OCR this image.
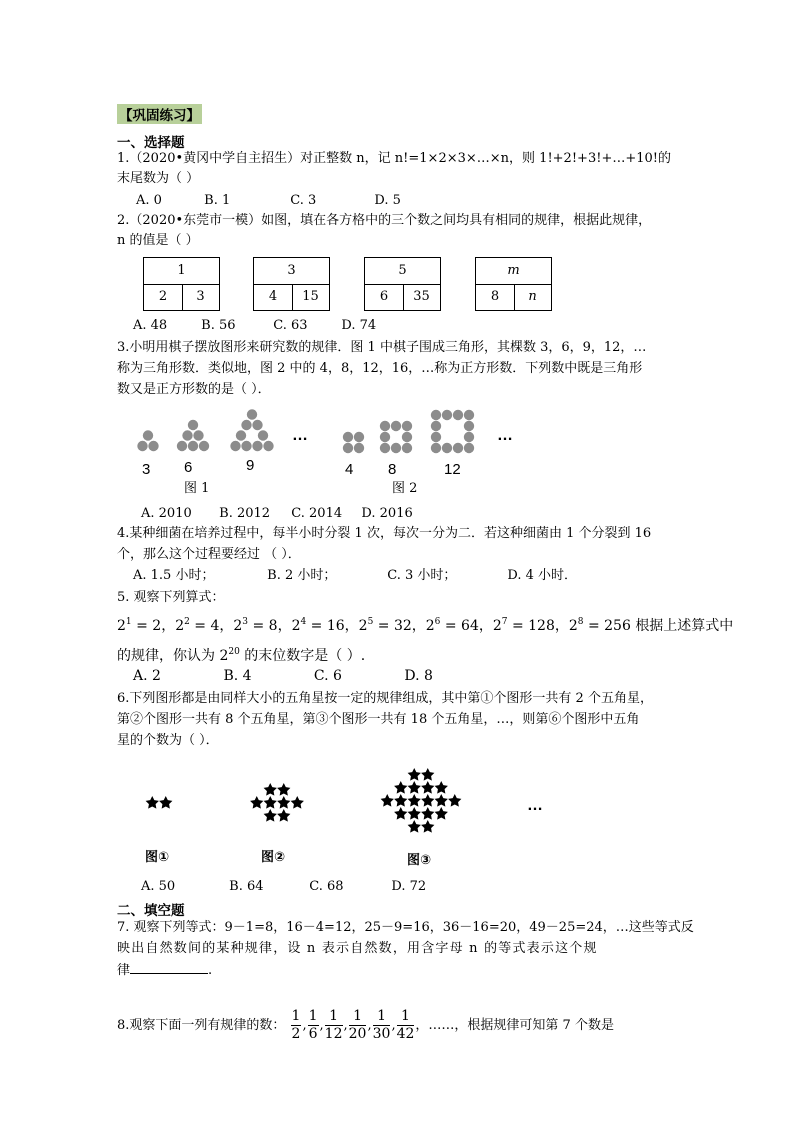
【巩固练习】
一、选择题
1.（2020•黄冈中学自主招生）对正整数 n，记 n!=1×2×3×…×n，则 1!+2!+3!+…+10!的
末尾数为（ ）
A. 0	B. 1	C. 3	D. 5
2.（2020•东莞市一模）如图，填在各方格中的三个数之间均具有相同的规律，根据此规律，
n 的值是（ ）
1
2	3
3
4	15
5
6	35
m
8	n
A. 48	B. 56	C. 63	D. 74
3.小明用棋子摆放图形来研究数的规律．图 1 中棋子围成三角形，其棵数 3，6，9，12，…
称为三角形数．类似地，图 2 中的 4，8，12，16，…称为正方形数．下列数中既是三角形
数又是正方形数的是（ ）．
3 6	9
…
4 8	12
…
图 1	图 2
A. 2010 B. 2012 C. 2014 D. 2016
4.某种细菌在培养过程中，每半小时分裂 1 次，每次一分为二．若这种细菌由 1 个分裂到 16
个，那么这个过程要经过 （ ）．
A. 1.5 小时；	B. 2 小时；	C. 3 小时；	D. 4 小时．
5. 观察下列算式：
$2^1 = 2$，$2^2 = 4$，$2^3 = 8$，$2^4 = 16$，$2^5 = 32$，$2^6 = 64$，$2^7 = 128$，$2^8 = 256$ 根据上述算式中
的规律，你认为 $2^{20}$ 的末位数字是（ ）.
A. 2	B. 4	C. 6	D. 8
6.下列图形都是由同样大小的五角星按一定的规律组成，其中第①个图形一共有 2 个五角星，
第②个图形一共有 8 个五角星，第③个图形一共有 18 个五角星，…，则第⑥个图形中五角
星的个数为（ ）．
…
图①	图②	图③
A. 50	B. 64	C. 68	D. 72
二、填空题
7. 观察下列等式：9－1=8，16－4=12，25－9=16，36－16=20，49－25=24，…这些等式反
映出自然数间的某种规律，设 n 表示自然数，用含字母 n 的等式表示这个规
律	.
8.观察下面一列有规律的数： $\frac{1}{2}$ , $\frac{1}{6}$ , $\frac{1}{12}$ , $\frac{1}{20}$ , $\frac{1}{30}$ , $\frac{1}{42}$ ，……，根据规律可知第 7 个数是
